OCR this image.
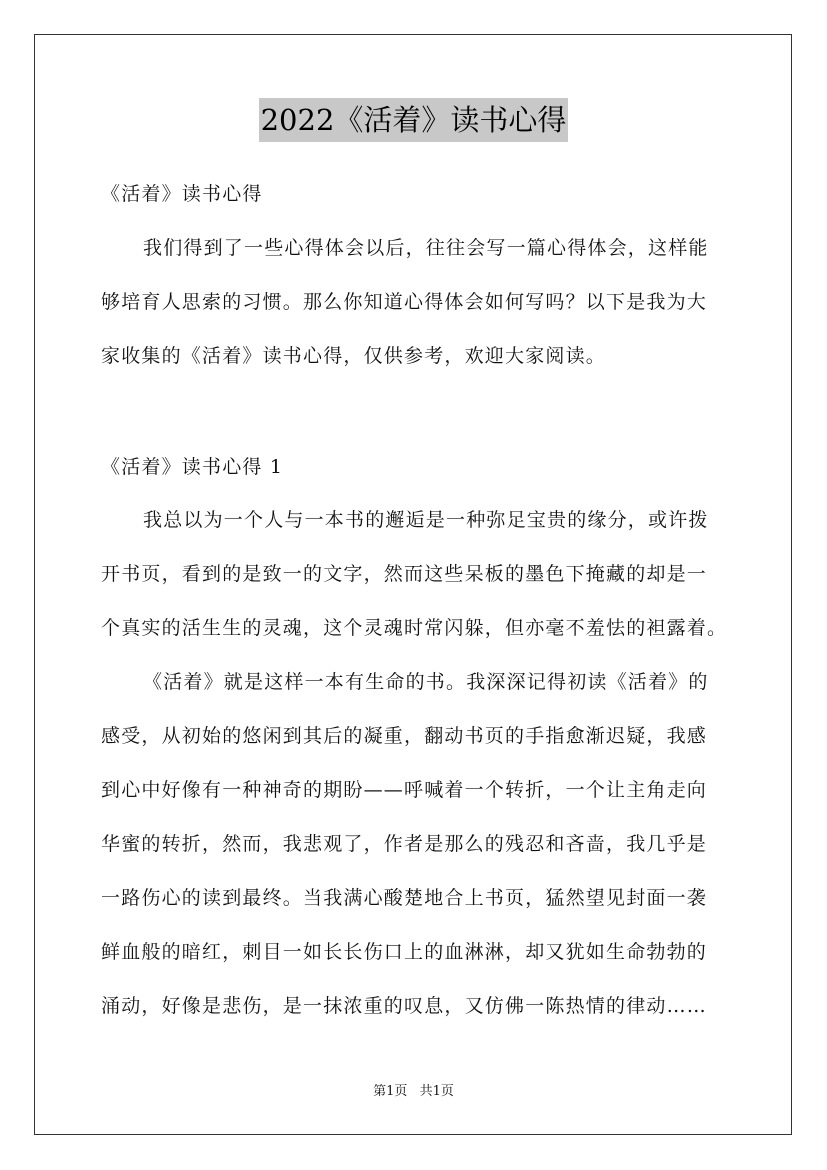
2022《活着》读书心得
《活着》读书心得
我们得到了一些心得体会以后，往往会写一篇心得体会，这样能
够培育人思索的习惯。那么你知道心得体会如何写吗？以下是我为大
家收集的《活着》读书心得，仅供参考，欢迎大家阅读。
《活着》读书心得 1
我总以为一个人与一本书的邂逅是一种弥足宝贵的缘分，或许拨
开书页，看到的是致一的文字，然而这些呆板的墨色下掩藏的却是一
个真实的活生生的灵魂，这个灵魂时常闪躲，但亦毫不羞怯的袒露着。
《活着》就是这样一本有生命的书。我深深记得初读《活着》的
感受，从初始的悠闲到其后的凝重，翻动书页的手指愈渐迟疑，我感
到心中好像有一种神奇的期盼——呼喊着一个转折，一个让主角走向
华蜜的转折，然而，我悲观了，作者是那么的残忍和吝啬，我几乎是
一路伤心的读到最终。当我满心酸楚地合上书页，猛然望见封面一袭
鲜血般的暗红，刺目一如长长伤口上的血淋淋，却又犹如生命勃勃的
涌动，好像是悲伤，是一抹浓重的叹息，又仿佛一陈热情的律动……
第1页 共1页
